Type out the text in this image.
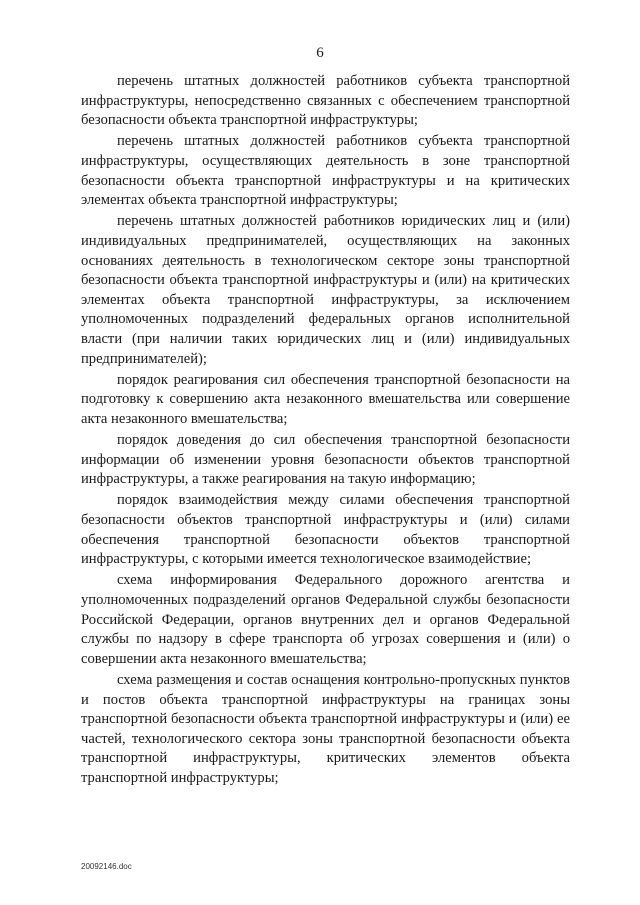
6

перечень штатных должностей работников субъекта транспортной инфраструктуры, непосредственно связанных с обеспечением транспортной безопасности объекта транспортной инфраструктуры;

перечень штатных должностей работников субъекта транспортной инфраструктуры, осуществляющих деятельность в зоне транспортной безопасности объекта транспортной инфраструктуры и на критических элементах объекта транспортной инфраструктуры;

перечень штатных должностей работников юридических лиц и (или) индивидуальных предпринимателей, осуществляющих на законных основаниях деятельность в технологическом секторе зоны транспортной безопасности объекта транспортной инфраструктуры и (или) на критических элементах объекта транспортной инфраструктуры, за исключением уполномоченных подразделений федеральных органов исполнительной власти (при наличии таких юридических лиц и (или) индивидуальных предпринимателей);

порядок реагирования сил обеспечения транспортной безопасности на подготовку к совершению акта незаконного вмешательства или совершение акта незаконного вмешательства;

порядок доведения до сил обеспечения транспортной безопасности информации об изменении уровня безопасности объектов транспортной инфраструктуры, а также реагирования на такую информацию;

порядок взаимодействия между силами обеспечения транспортной безопасности объектов транспортной инфраструктуры и (или) силами обеспечения транспортной безопасности объектов транспортной инфраструктуры, с которыми имеется технологическое взаимодействие;

схема информирования Федерального дорожного агентства и уполномоченных подразделений органов Федеральной службы безопасности Российской Федерации, органов внутренних дел и органов Федеральной службы по надзору в сфере транспорта об угрозах совершения и (или) о совершении акта незаконного вмешательства;

схема размещения и состав оснащения контрольно-пропускных пунктов и постов объекта транспортной инфраструктуры на границах зоны транспортной безопасности объекта транспортной инфраструктуры и (или) ее частей, технологического сектора зоны транспортной безопасности объекта транспортной инфраструктуры, критических элементов объекта транспортной инфраструктуры;

20092146.doc
